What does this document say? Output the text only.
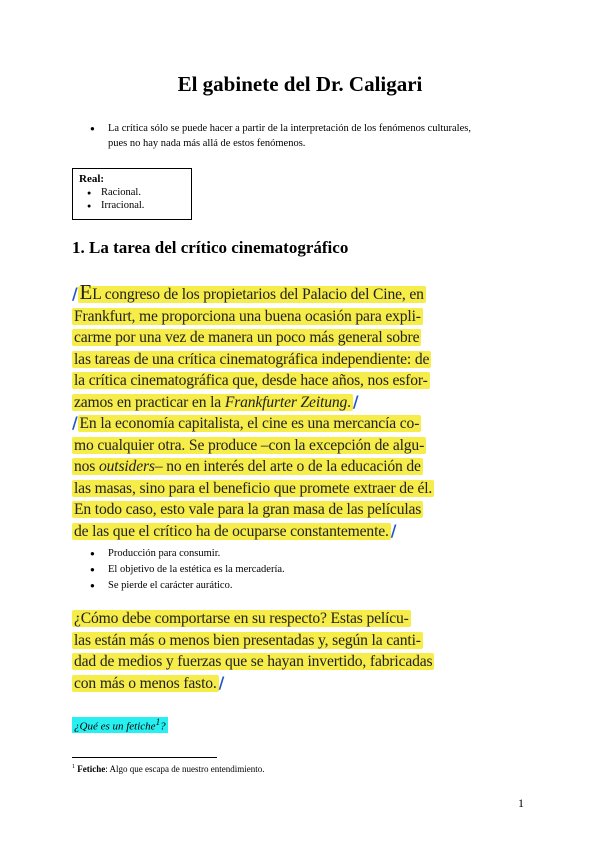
El gabinete del Dr. Caligari
● La crítica sólo se puede hacer a partir de la interpretación de los fenómenos culturales,
pues no hay nada más allá de estos fenómenos.
Real:
● Racional.
● Irracional.
1. La tarea del crítico cinematográfico
/EL congreso de los propietarios del Palacio del Cine, en
Frankfurt, me proporciona una buena ocasión para expli-
carme por una vez de manera un poco más general sobre
las tareas de una crítica cinematográfica independiente: de
la crítica cinematográfica que, desde hace años, nos esfor-
zamos en practicar en la Frankfurter Zeitung. /
/ En la economía capitalista, el cine es una mercancía co-
mo cualquier otra. Se produce –con la excepción de algu-
nos outsiders– no en interés del arte o de la educación de
las masas, sino para el beneficio que promete extraer de él.
En todo caso, esto vale para la gran masa de las películas
de las que el crítico ha de ocuparse constantemente. /
● Producción para consumir.
● El objetivo de la estética es la mercadería.
● Se pierde el carácter aurático.
¿Cómo debe comportarse en su respecto? Estas pelícu-
las están más o menos bien presentadas y, según la canti-
dad de medios y fuerzas que se hayan invertido, fabricadas
con más o menos fasto. /
¿Qué es un fetiche$^1$?
$^1$ Fetiche: Algo que escapa de nuestro entendimiento.
1
